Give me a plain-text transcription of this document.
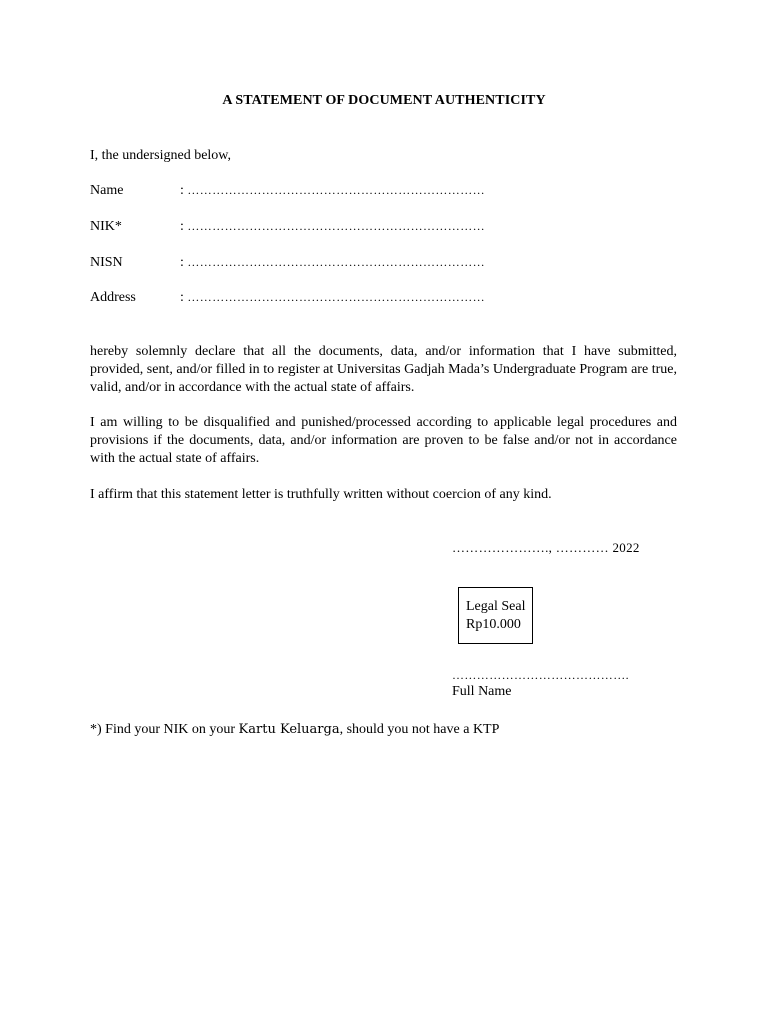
A STATEMENT OF DOCUMENT AUTHENTICITY
I, the undersigned below,
Name	: ………………………………………………………………
NIK*	: ………………………………………………………………
NISN	: ………………………………………………………………
Address	: ………………………………………………………………
hereby solemnly declare that all the documents, data, and/or information that I have submitted, provided, sent, and/or filled in to register at Universitas Gadjah Mada’s Undergraduate Program are true, valid, and/or in accordance with the actual state of affairs.
I am willing to be disqualified and punished/processed according to applicable legal procedures and provisions if the documents, data, and/or information are proven to be false and/or not in accordance with the actual state of affairs.
I affirm that this statement letter is truthfully written without coercion of any kind.
…………………., ………… 2022
Legal Seal
Rp10.000
…………………………………….
Full Name
*) Find your NIK on your Kartu Keluarga, should you not have a KTP
